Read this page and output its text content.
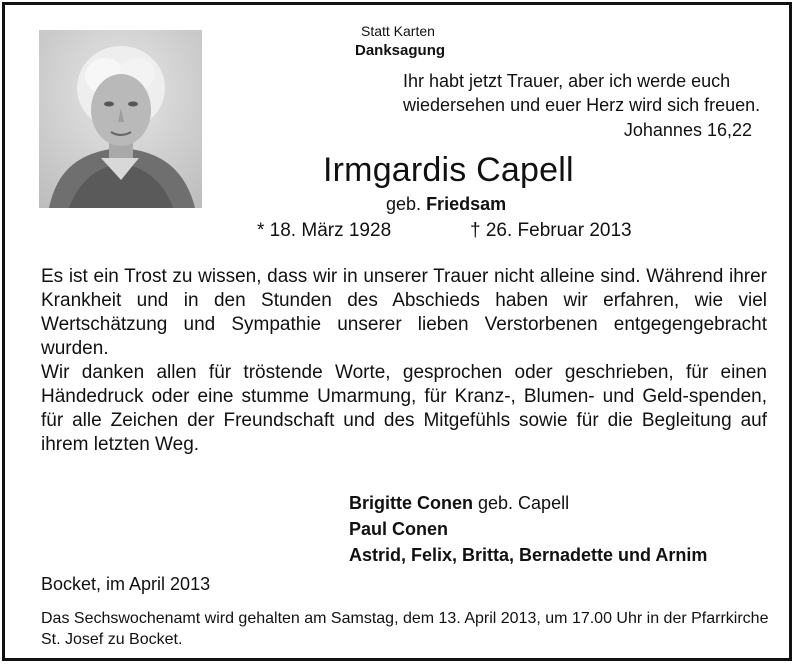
Statt Karten
Danksagung
Ihr habt jetzt Trauer, aber ich werde euch
wiedersehen und euer Herz wird sich freuen.
Johannes 16,22
Irmgardis Capell
geb. Friedsam
* 18. März 1928	† 26. Februar 2013

Es ist ein Trost zu wissen, dass wir in unserer Trauer nicht alleine sind. Während ihrer Krankheit und in den Stunden des Abschieds haben wir erfahren, wie viel Wertschätzung und Sympathie unserer lieben Verstorbenen entgegengebracht wurden.

Wir danken allen für tröstende Worte, gesprochen oder geschrieben, für einen Händedruck oder eine stumme Umarmung, für Kranz-, Blumen- und Geld-spenden, für alle Zeichen der Freundschaft und des Mitgefühls sowie für die Begleitung auf ihrem letzten Weg.

Brigitte Conen geb. Capell
Paul Conen
Astrid, Felix, Britta, Bernadette und Arnim
Bocket, im April 2013
Das Sechswochenamt wird gehalten am Samstag, dem 13. April 2013, um 17.00 Uhr in der Pfarrkirche St. Josef zu Bocket.
